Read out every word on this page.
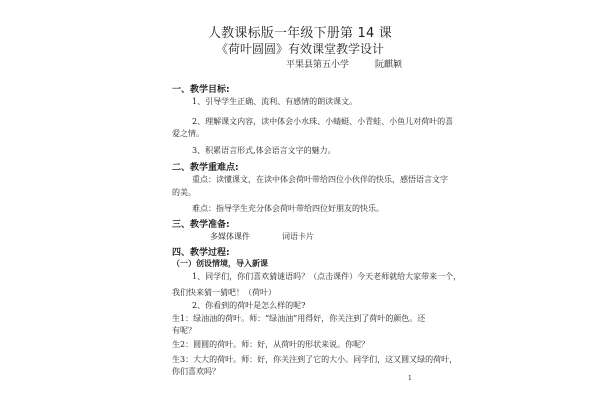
人教课标版一年级下册第 14 课
《荷叶圆圆》有效课堂教学设计
平果县第五小学	阮麒颖
一、教学目标:
1、引导学生正确、流利、有感情的朗读课文。
2、理解课文内容，读中体会小水珠、小蜻蜓、小青蛙、小鱼儿对荷叶的喜
爱之情。
3、积累语言形式,体会语言文字的魅力。
二、教学重难点:
重点：读懂课文，在读中体会荷叶带给四位小伙伴的快乐，感悟语言文字
的美。
难点：指导学生充分体会荷叶带给四位好朋友的快乐。
三、教学准备:
多媒体课件	词语卡片
四、教学过程:
（一）创设情境，导入新课
1、同学们，你们喜欢猜谜语吗？（点击课件）今天老师就给大家带来一个，
我们快来猜一猜吧！（荷叶）
2、你看到的荷叶是怎么样的呢?
生1：绿油油的荷叶。师：“绿油油”用得好，你关注到了荷叶的颜色。还
有呢？
生2：圆圆的荷叶。师：好，从荷叶的形状来说。你呢？
生3：大大的荷叶。师：好，你关注到了它的大小。同学们，这又圆又绿的荷叶，
你们喜欢吗？
1
